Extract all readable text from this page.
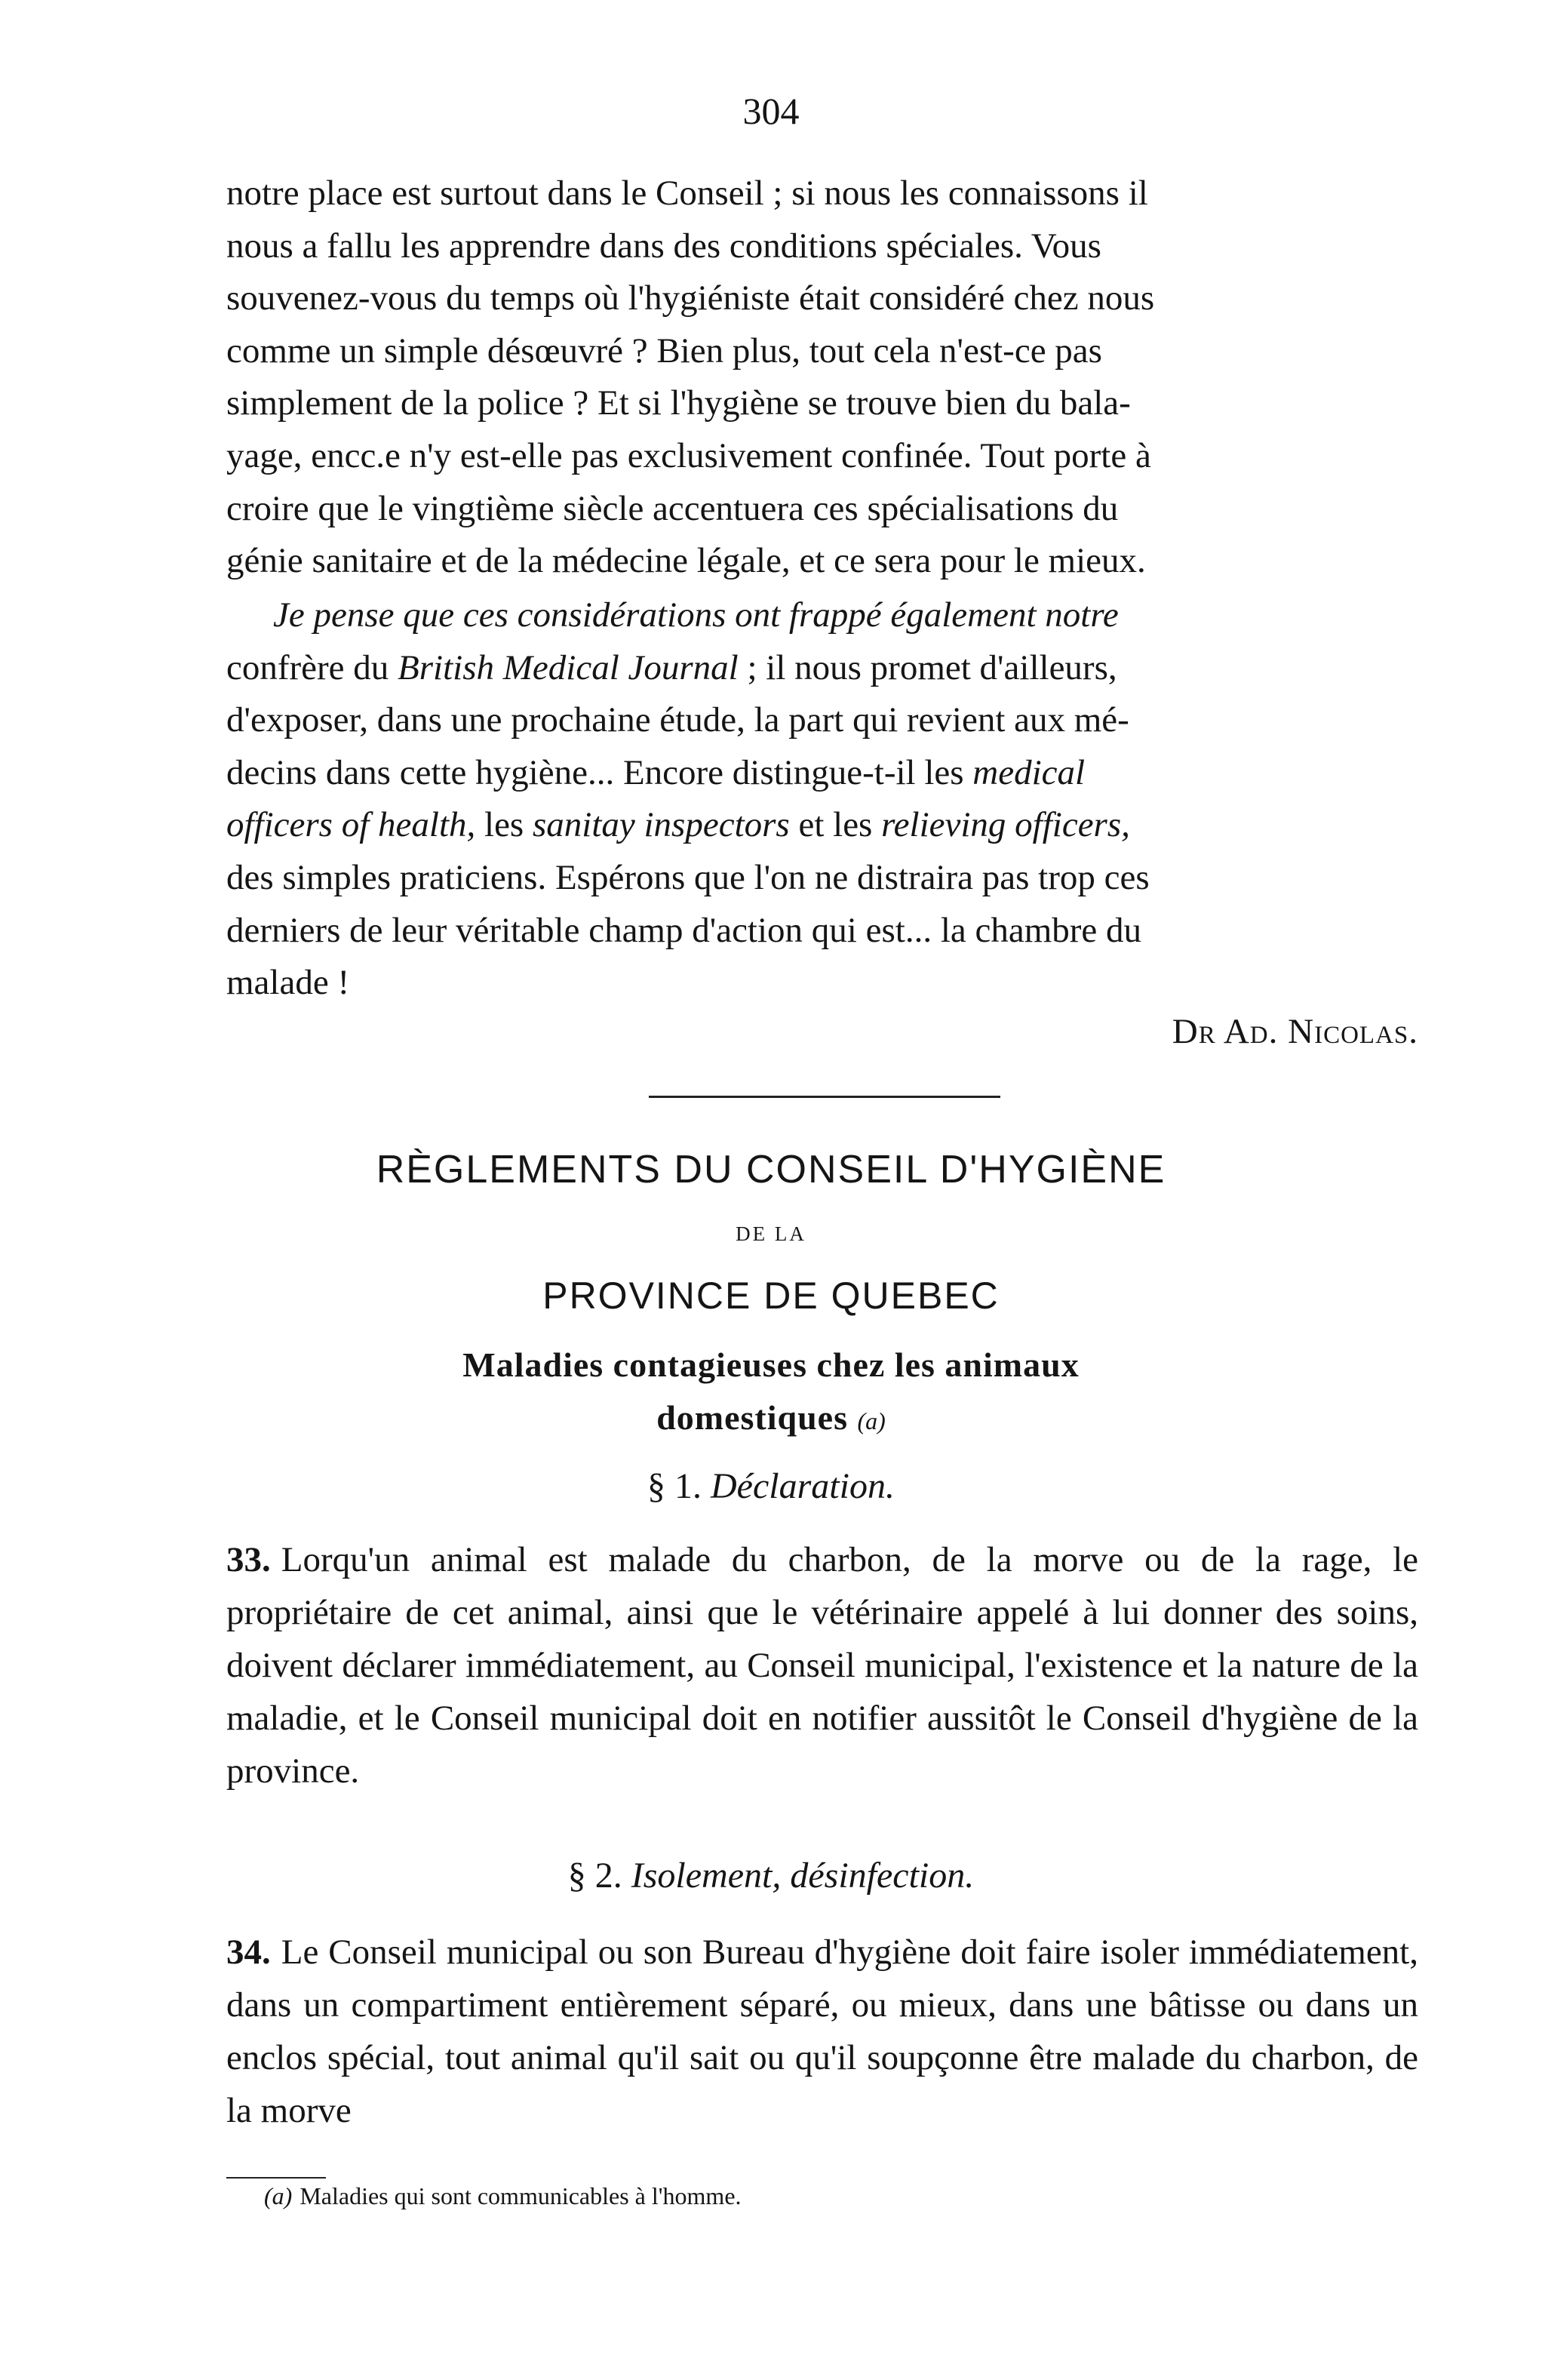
304
notre place est surtout dans le Conseil ; si nous les connaissons il
nous a fallu les apprendre dans des conditions spéciales. Vous
souvenez-vous du temps où l'hygiéniste était considéré chez nous
comme un simple désœuvré ? Bien plus, tout cela n'est-ce pas
simplement de la police ? Et si l'hygiène se trouve bien du bala-
yage, encc.e n'y est-elle pas exclusivement confinée. Tout porte à
croire que le vingtième siècle accentuera ces spécialisations du
génie sanitaire et de la médecine légale, et ce sera pour le mieux.
Je pense que ces considérations ont frappé également notre
confrère du British Medical Journal ; il nous promet d'ailleurs,
d'exposer, dans une prochaine étude, la part qui revient aux mé-
decins dans cette hygiène... Encore distingue-t-il les medical
officers of health, les sanitay inspectors et les relieving officers,
des simples praticiens. Espérons que l'on ne distraira pas trop ces
derniers de leur véritable champ d'action qui est... la chambre du
malade !
Dr Ad. Nicolas.
RÈGLEMENTS DU CONSEIL D'HYGIÈNE
DE LA
PROVINCE DE QUEBEC
Maladies contagieuses chez les animaux
domestiques (a)
§ 1. Déclaration.
33. Lorqu'un animal est malade du charbon, de la morve ou de la rage, le propriétaire de cet animal, ainsi que le vétérinaire appelé à lui donner des soins, doivent déclarer immédiatement, au Conseil municipal, l'existence et la nature de la maladie, et le Conseil municipal doit en notifier aussitôt le Conseil d'hygiène de la province.
§ 2. Isolement, désinfection.
34. Le Conseil municipal ou son Bureau d'hygiène doit faire isoler immédiatement, dans un compartiment entièrement séparé, ou mieux, dans une bâtisse ou dans un enclos spécial, tout animal qu'il sait ou qu'il soupçonne être malade du charbon, de la morve
(a) Maladies qui sont communicables à l'homme.
